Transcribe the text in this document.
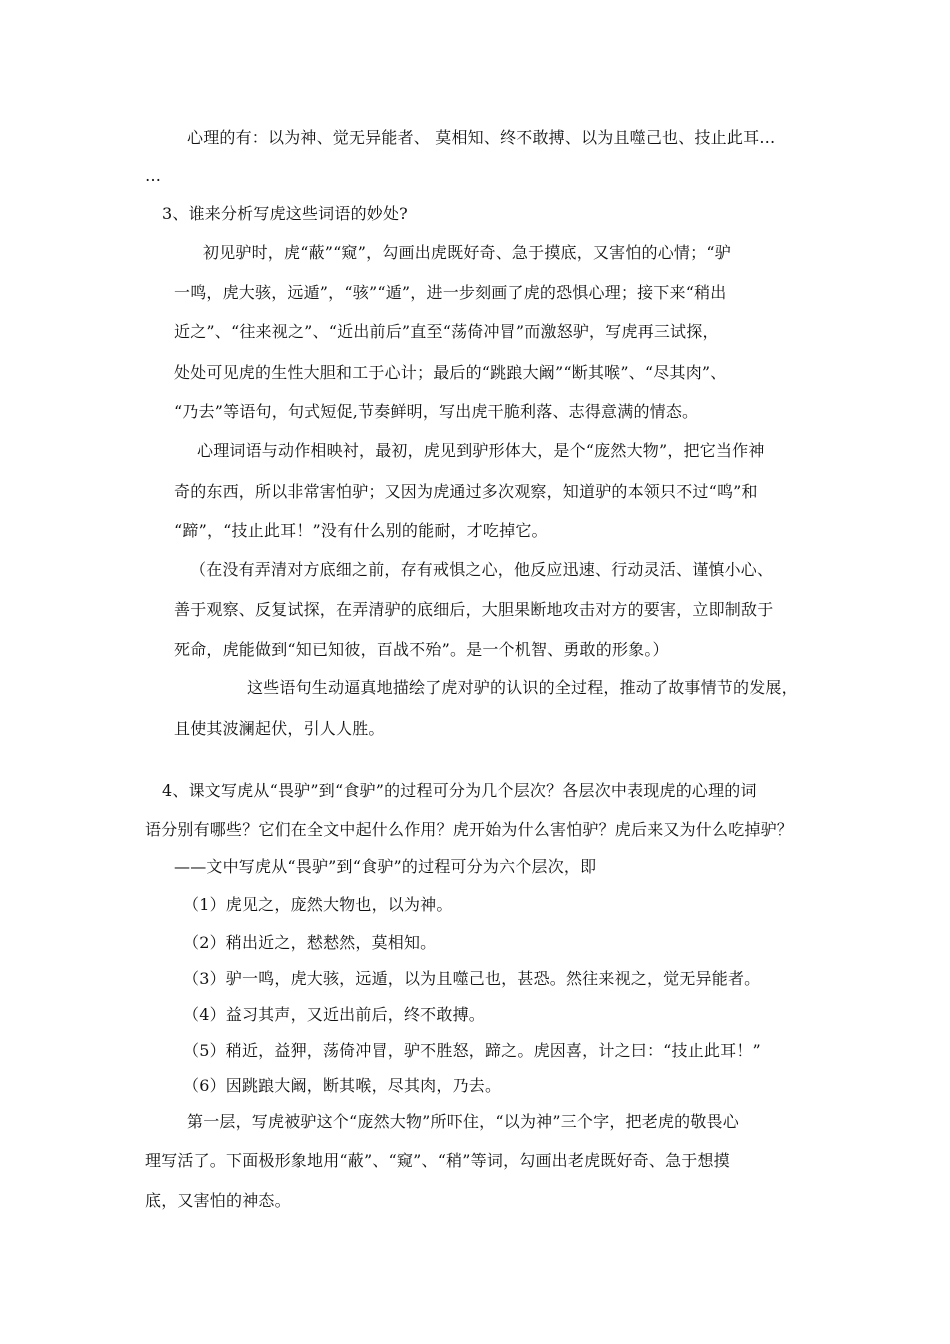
心理的有：以为神、觉无异能者、 莫相知、终不敢搏、以为且噬己也、技止此耳…
…
3、谁来分析写虎这些词语的妙处?
初见驴时，虎“蔽”“窥”，勾画出虎既好奇、急于摸底，又害怕的心情；“驴
一鸣，虎大骇，远遁”，“骇”“遁”，进一步刻画了虎的恐惧心理；接下来“稍出
近之”、“往来视之”、“近出前后”直至“荡倚冲冒”而激怒驴，写虎再三试探，
处处可见虎的生性大胆和工于心计；最后的“跳踉大阚”“断其喉”、“尽其肉”、
“乃去”等语句，句式短促,节奏鲜明，写出虎干脆利落、志得意满的情态。
心理词语与动作相映衬，最初，虎见到驴形体大，是个“庞然大物”，把它当作神
奇的东西，所以非常害怕驴；又因为虎通过多次观察，知道驴的本领只不过“鸣”和
“蹄”，“技止此耳！”没有什么别的能耐，才吃掉它。
（在没有弄清对方底细之前，存有戒惧之心，他反应迅速、行动灵活、谨慎小心、
善于观察、反复试探，在弄清驴的底细后，大胆果断地攻击对方的要害，立即制敌于
死命，虎能做到“知已知彼，百战不殆”。是一个机智、勇敢的形象。）
这些语句生动逼真地描绘了虎对驴的认识的全过程，推动了故事情节的发展，
且使其波澜起伏，引人人胜。
4、课文写虎从“畏驴”到“食驴”的过程可分为几个层次？各层次中表现虎的心理的词
语分别有哪些？它们在全文中起什么作用？虎开始为什么害怕驴？虎后来又为什么吃掉驴？
——文中写虎从“畏驴”到“食驴”的过程可分为六个层次，即
（1）虎见之，庞然大物也，以为神。
（2）稍出近之，慭慭然，莫相知。
（3）驴一鸣，虎大骇，远遁，以为且噬己也，甚恐。然往来视之，觉无异能者。
（4）益习其声，又近出前后，终不敢搏。
（5）稍近，益狎，荡倚冲冒，驴不胜怒，蹄之。虎因喜，计之曰：“技止此耳！”
（6）因跳踉大阚，断其喉，尽其肉，乃去。
第一层，写虎被驴这个“庞然大物”所吓住，“以为神”三个字，把老虎的敬畏心
理写活了。下面极形象地用“蔽”、“窥”、“稍”等词，勾画出老虎既好奇、急于想摸
底，又害怕的神态。
